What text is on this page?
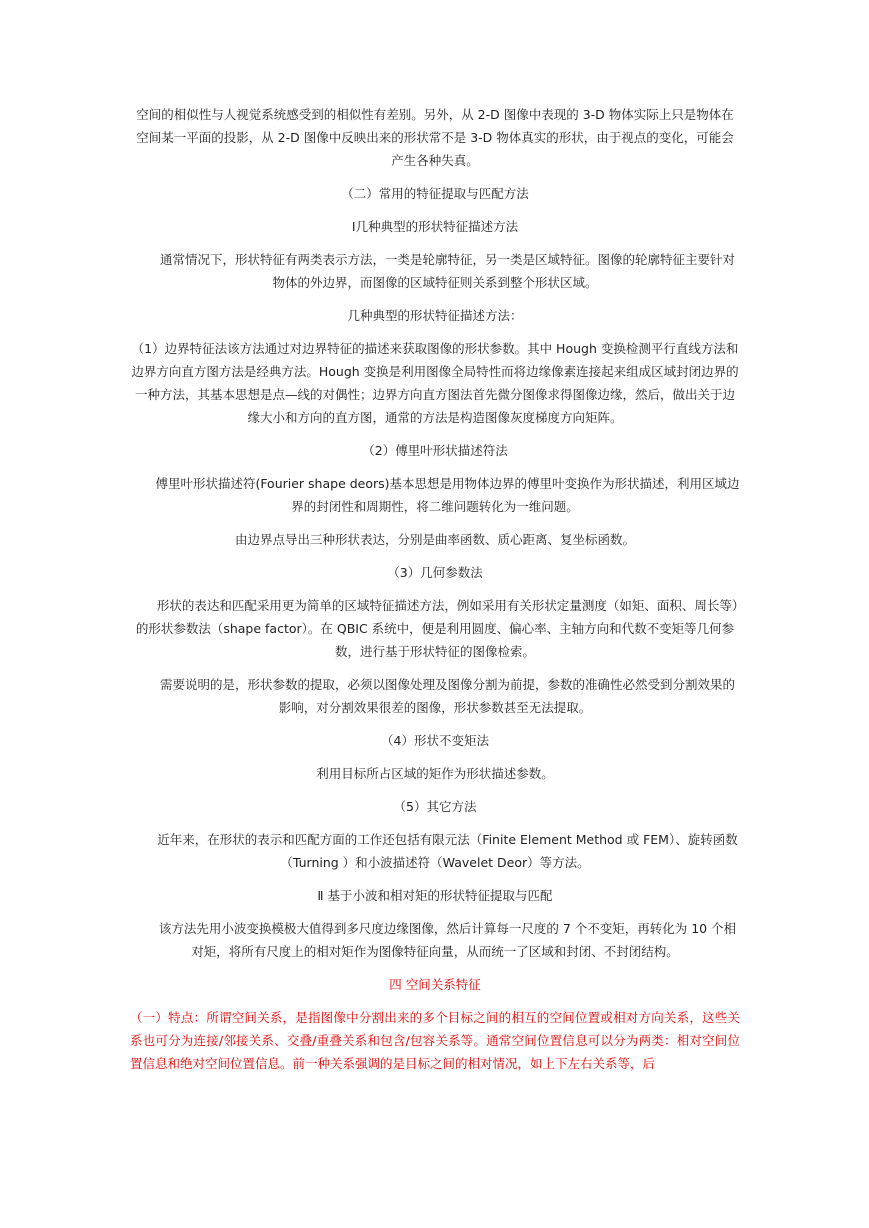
空间的相似性与人视觉系统感受到的相似性有差别。另外，从 2-D 图像中表现的 3-D 物体实际上只是物体在空间某一平面的投影，从 2-D 图像中反映出来的形状常不是 3-D 物体真实的形状，由于视点的变化，可能会产生各种失真。

（二）常用的特征提取与匹配方法

Ⅰ几种典型的形状特征描述方法

通常情况下，形状特征有两类表示方法，一类是轮廓特征，另一类是区域特征。图像的轮廓特征主要针对物体的外边界，而图像的区域特征则关系到整个形状区域。

几种典型的形状特征描述方法：

（1）边界特征法该方法通过对边界特征的描述来获取图像的形状参数。其中 Hough 变换检测平行直线方法和边界方向直方图方法是经典方法。Hough 变换是利用图像全局特性而将边缘像素连接起来组成区域封闭边界的一种方法，其基本思想是点—线的对偶性；边界方向直方图法首先微分图像求得图像边缘，然后，做出关于边缘大小和方向的直方图，通常的方法是构造图像灰度梯度方向矩阵。

（2）傅里叶形状描述符法

傅里叶形状描述符(Fourier shape deors)基本思想是用物体边界的傅里叶变换作为形状描述，利用区域边界的封闭性和周期性，将二维问题转化为一维问题。

由边界点导出三种形状表达，分别是曲率函数、质心距离、复坐标函数。

（3）几何参数法

形状的表达和匹配采用更为简单的区域特征描述方法，例如采用有关形状定量测度（如矩、面积、周长等）的形状参数法（shape factor）。在 QBIC 系统中，便是利用圆度、偏心率、主轴方向和代数不变矩等几何参数，进行基于形状特征的图像检索。

需要说明的是，形状参数的提取，必须以图像处理及图像分割为前提，参数的准确性必然受到分割效果的影响，对分割效果很差的图像，形状参数甚至无法提取。

（4）形状不变矩法

利用目标所占区域的矩作为形状描述参数。

（5）其它方法

近年来，在形状的表示和匹配方面的工作还包括有限元法（Finite Element Method 或 FEM）、旋转函数（Turning ）和小波描述符（Wavelet Deor）等方法。

Ⅱ 基于小波和相对矩的形状特征提取与匹配

该方法先用小波变换模极大值得到多尺度边缘图像，然后计算每一尺度的 7 个不变矩，再转化为 10 个相对矩，将所有尺度上的相对矩作为图像特征向量，从而统一了区域和封闭、不封闭结构。

四 空间关系特征

（一）特点：所谓空间关系，是指图像中分割出来的多个目标之间的相互的空间位置或相对方向关系，这些关系也可分为连接/邻接关系、交叠/重叠关系和包含/包容关系等。通常空间位置信息可以分为两类：相对空间位置信息和绝对空间位置信息。前一种关系强调的是目标之间的相对情况，如上下左右关系等，后
